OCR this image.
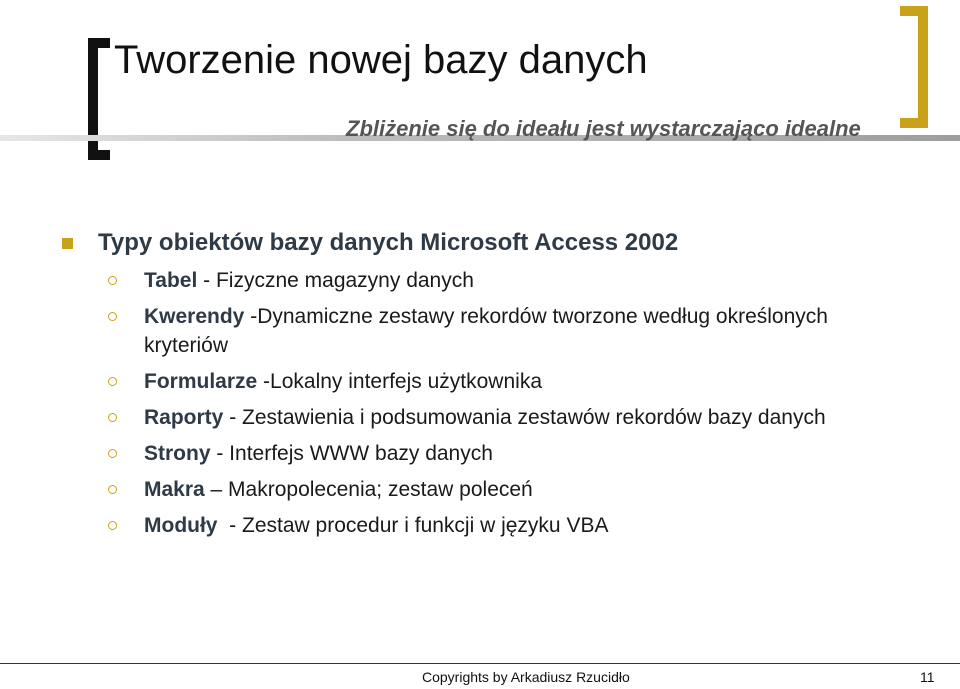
Tworzenie nowej bazy danych

Zbliżenie się do ideału jest wystarczająco idealne

Typy obiektów bazy danych Microsoft Access 2002
Tabel - Fizyczne magazyny danych
Kwerendy -Dynamiczne zestawy rekordów tworzone według określonych kryteriów
Formularze -Lokalny interfejs użytkownika
Raporty - Zestawienia i podsumowania zestawów rekordów bazy danych
Strony - Interfejs WWW bazy danych
Makra – Makropolecenia; zestaw poleceń
Moduły  - Zestaw procedur i funkcji w języku VBA
Copyrights by Arkadiusz Rzucidło	11
